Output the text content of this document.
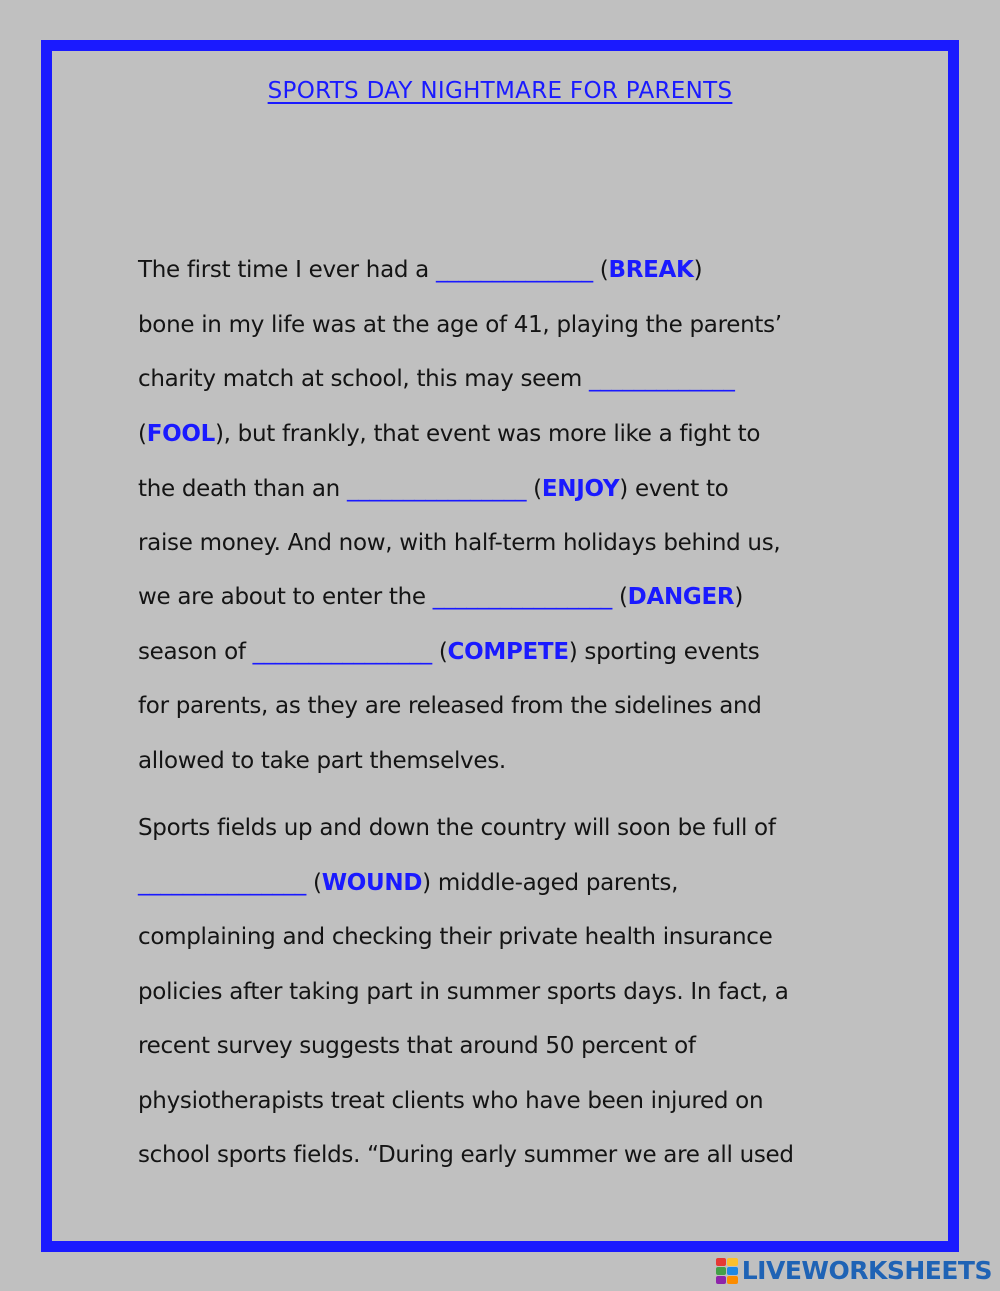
SPORTS DAY NIGHTMARE FOR PARENTS
The first time I ever had a ______________ (BREAK)
bone in my life was at the age of 41, playing the parents’
charity match at school, this may seem _____________
(FOOL), but frankly, that event was more like a fight to
the death than an ________________ (ENJOY) event to
raise money. And now, with half-term holidays behind us,
we are about to enter the ________________ (DANGER)
season of ________________ (COMPETE) sporting events
for parents, as they are released from the sidelines and
allowed to take part themselves.
Sports fields up and down the country will soon be full of
_______________ (WOUND) middle-aged parents,
complaining and checking their private health insurance
policies after taking part in summer sports days. In fact, a
recent survey suggests that around 50 percent of
physiotherapists treat clients who have been injured on
school sports fields. “During early summer we are all used
LIVEWORKSHEETS
